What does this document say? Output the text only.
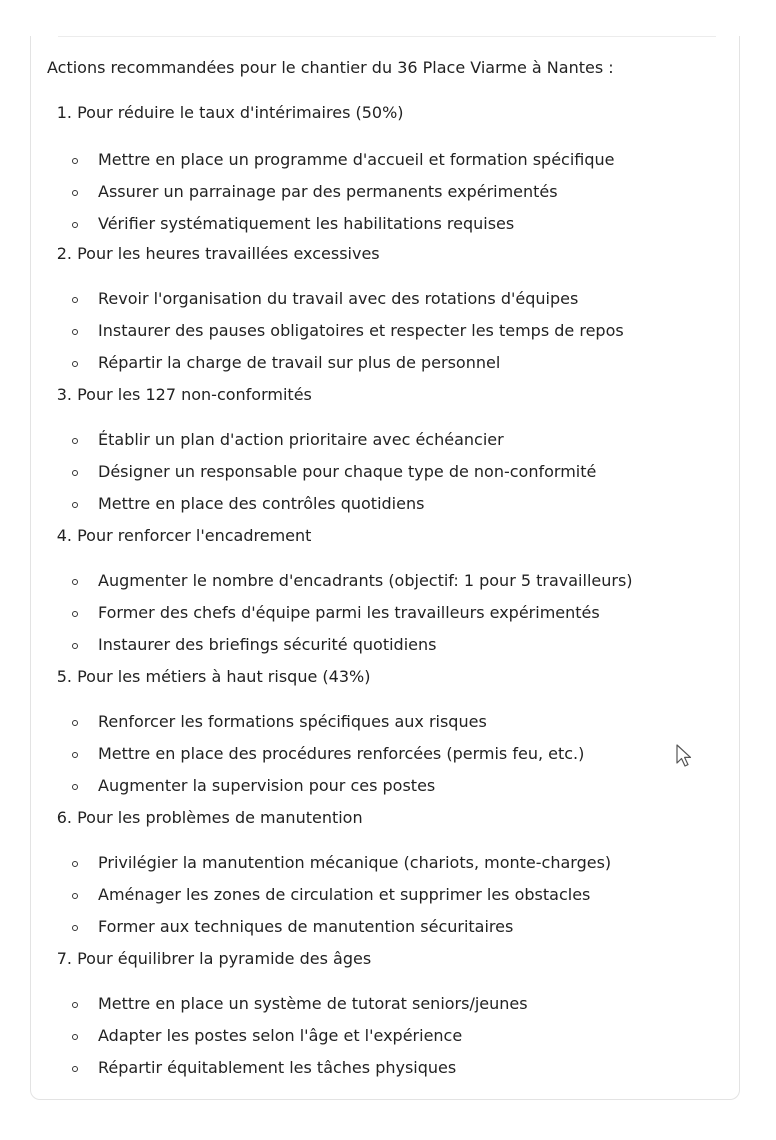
Actions recommandées pour le chantier du 36 Place Viarme à Nantes :
1. Pour réduire le taux d'intérimaires (50%)
Mettre en place un programme d'accueil et formation spécifique
Assurer un parrainage par des permanents expérimentés
Vérifier systématiquement les habilitations requises
2. Pour les heures travaillées excessives
Revoir l'organisation du travail avec des rotations d'équipes
Instaurer des pauses obligatoires et respecter les temps de repos
Répartir la charge de travail sur plus de personnel
3. Pour les 127 non-conformités
Établir un plan d'action prioritaire avec échéancier
Désigner un responsable pour chaque type de non-conformité
Mettre en place des contrôles quotidiens
4. Pour renforcer l'encadrement
Augmenter le nombre d'encadrants (objectif: 1 pour 5 travailleurs)
Former des chefs d'équipe parmi les travailleurs expérimentés
Instaurer des briefings sécurité quotidiens
5. Pour les métiers à haut risque (43%)
Renforcer les formations spécifiques aux risques
Mettre en place des procédures renforcées (permis feu, etc.)
Augmenter la supervision pour ces postes
6. Pour les problèmes de manutention
Privilégier la manutention mécanique (chariots, monte-charges)
Aménager les zones de circulation et supprimer les obstacles
Former aux techniques de manutention sécuritaires
7. Pour équilibrer la pyramide des âges
Mettre en place un système de tutorat seniors/jeunes
Adapter les postes selon l'âge et l'expérience
Répartir équitablement les tâches physiques
